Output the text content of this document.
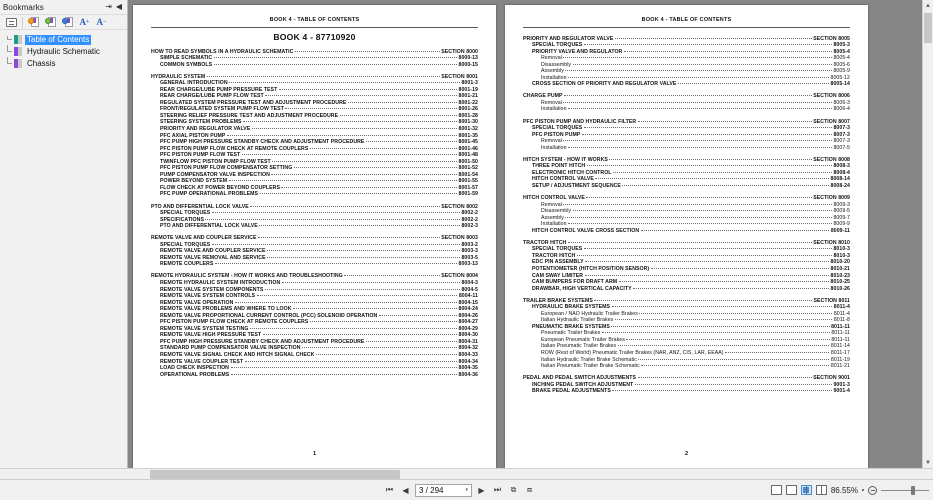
Bookmarks	⇥ ◀
A + A −
Table of Contents
Hydraulic Schematic
Chassis
BOOK 4 - TABLE OF CONTENTS
BOOK 4 - 87710920
HOW TO READ SYMBOLS IN A HYDRAULIC SCHEMATIC	SECTION 8000
SIMPLE SCHEMATIC	8000-13
COMMON SYMBOLS	8000-15
HYDRAULIC SYSTEM	SECTION 8001
GENERAL INTRODUCTION	8001-3
REAR CHARGE/LUBE PUMP PRESSURE TEST	8001-19
REAR CHARGE/LUBE PUMP FLOW TEST	8001-21
REGULATED SYSTEM PRESSURE TEST AND ADJUSTMENT PROCEDURE	8001-22
FRONT/REGULATED SYSTEM PUMP FLOW TEST	8001-26
STEERING RELIEF PRESSURE TEST AND ADJUSTMENT PROCEDURE	8001-28
STEERING SYSTEM PROBLEMS	8001-30
PRIORITY AND REGULATOR VALVE	8001-32
PFC AXIAL PISTON PUMP	8001-35
PFC PUMP HIGH PRESSURE STANDBY CHECK AND ADJUSTMENT PROCEDURE	8001-45
PFC PISTON PUMP FLOW CHECK AT REMOTE COUPLERS	8001-46
PFC PISTON PUMP FLOW TEST	8001-48
TWINFLOW PFC PISTON PUMP FLOW TEST	8001-50
PFC PISTON PUMP FLOW COMPENSATOR SETTING	8001-52
PUMP COMPENSATOR VALVE INSPECTION	8001-54
POWER BEYOND SYSTEM	8001-55
FLOW CHECK AT POWER BEYOND COUPLERS	8001-57
PFC PUMP OPERATIONAL PROBLEMS	8001-59
PTO AND DIFFERENTIAL LOCK VALVE	SECTION 8002
SPECIAL TORQUES	8002-2
SPECIFICATIONS	8002-2
PTO AND DIFFERENTIAL LOCK VALVE	8002-3
REMOTE VALVE AND COUPLER SERVICE	SECTION 8003
SPECIAL TORQUES	8003-2
REMOTE VALVE AND COUPLER SERVICE	8003-3
REMOTE VALVE REMOVAL AND SERVICE	8003-5
REMOTE COUPLERS	8003-13
REMOTE HYDRAULIC SYSTEM - HOW IT WORKS AND TROUBLESHOOTING	SECTION 8004
REMOTE HYDRAULIC SYSTEM INTRODUCTION	8004-3
REMOTE VALVE SYSTEM COMPONENTS	8004-5
REMOTE VALVE SYSTEM CONTROLS	8004-11
REMOTE VALVE OPERATION	8004-15
REMOTE VALVE PROBLEMS AND WHERE TO LOOK	8004-24
REMOTE VALVE PROPORTIONAL CURRENT CONTROL (PCC) SOLENOID OPERATION	8004-26
PFC PISTON PUMP FLOW CHECK AT REMOTE COUPLERS	8004-27
REMOTE VALVE SYSTEM TESTING	8004-29
REMOTE VALVE HIGH PRESSURE TEST	8004-30
PFC PUMP HIGH PRESSURE STANDBY CHECK AND ADJUSTMENT PROCEDURE	8004-31
STANDARD PUMP COMPENSATOR VALVE INSPECTION	8004-32
REMOTE VALVE SIGNAL CHECK AND HITCH SIGNAL CHECK	8004-33
REMOTE VALVE COUPLER TEST	8004-34
LOAD CHECK INSPECTION	8004-35
OPERATIONAL PROBLEMS	8004-36
1
BOOK 4 - TABLE OF CONTENTS
PRIORITY AND REGULATOR VALVE	SECTION 8005
SPECIAL TORQUES	8005-3
PRIORITY VALVE AND REGULATOR	8005-4
Removal	8005-4
Disassembly	8005-6
Assembly	8005-9
Installation	8005-12
CROSS SECTION OF PRIORITY AND REGULATOR VALVE	8005-14
CHARGE PUMP	SECTION 8006
Removal	8006-3
Installation	8006-4
PFC PISTON PUMP AND HYDRAULIC FILTER	SECTION 8007
SPECIAL TORQUES	8007-3
PFC PISTON PUMP	8007-3
Removal	8007-3
Installation	8007-5
HITCH SYSTEM - HOW IT WORKS	SECTION 8008
THREE POINT HITCH	8008-3
ELECTRONIC HITCH CONTROL	8008-4
HITCH CONTROL VALVE	8008-14
SETUP / ADJUSTMENT SEQUENCE	8008-24
HITCH CONTROL VALVE	SECTION 8009
Removal	8009-3
Disassembly	8009-5
Assembly	8009-7
Installation	8009-9
HITCH CONTROL VALVE CROSS SECTION	8009-11
TRACTOR HITCH	SECTION 8010
SPECIAL TORQUES	8010-3
TRACTOR HITCH	8010-3
EDC PIN ASSEMBLY	8010-20
POTENTIOMETER (HITCH POSITION SENSOR)	8010-21
CAM SWAY LIMITER	8010-23
CAM BUMPERS FOR DRAFT ARM	8010-25
DRAWBAR, HIGH VERTICAL CAPACITY	8010-26
TRAILER BRAKE SYSTEMS	SECTION 8011
HYDRAULIC BRAKE SYSTEMS	8011-4
European / NAO Hydraulic Trailer Brakes	8011-4
Italian Hydraulic Trailer Brakes	8011-8
PNEUMATIC BRAKE SYSTEMS	8011-11
Pneumatic Trailer Brakes	8011-11
European Pneumatic Trailer Brakes	8011-11
Italian Pneumatic Trailer Brakes	8011-14
ROW (Rest of World) Pneumatic Trailer Brakes (NAR, ANZ, CIS, LAR, EEAA)	8011-17
Italian Hydraulic Trailer Brake Schematic	8011-19
Italian Pneumatic Trailer Brake Schematic	8011-21
PEDAL AND PEDAL SWITCH ADJUSTMENTS	SECTION 9001
INCHING PEDAL SWITCH ADJUSTMENT	9001-3
BRAKE PEDAL ADJUSTMENTS	9001-4
2
▲
▼
⏮	◀	3 / 294	▾	▶	⏭	⧉	⧈	86.55%
